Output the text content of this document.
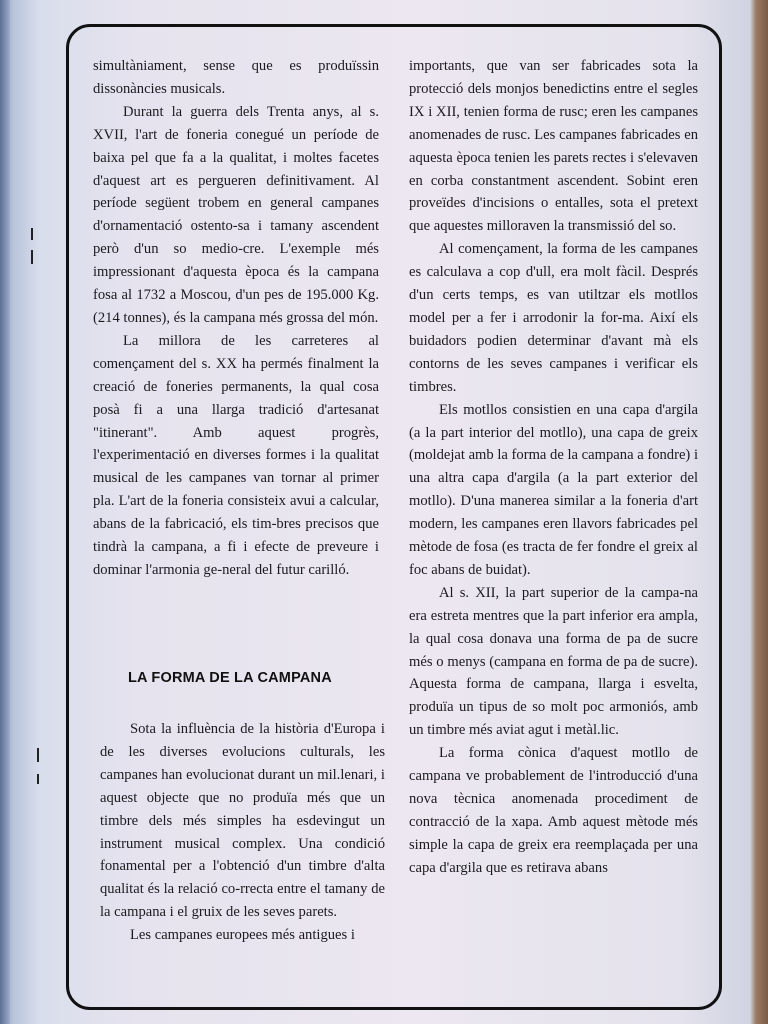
simultàniament, sense que es produïssin dissonàncies musicals.

Durant la guerra dels Trenta anys, al s. XVII, l'art de foneria conegué un període de baixa pel que fa a la qualitat, i moltes facetes d'aquest art es pergueren definitivament. Al període següent trobem en general campanes d'ornamentació ostento-sa i tamany ascendent però d'un so medio-cre. L'exemple més impressionant d'aquesta època és la campana fosa al 1732 a Moscou, d'un pes de 195.000 Kg. (214 tonnes), és la campana més grossa del món.

La millora de les carreteres al començament del s. XX ha permés finalment la creació de foneries permanents, la qual cosa posà fi a una llarga tradició d'artesanat "itinerant". Amb aquest progrès, l'experimentació en diverses formes i la qualitat musical de les campanes van tornar al primer pla. L'art de la foneria consisteix avui a calcular, abans de la fabricació, els tim-bres precisos que tindrà la campana, a fi i efecte de preveure i dominar l'armonia ge-neral del futur carilló.

LA FORMA DE LA CAMPANA

Sota la influència de la història d'Europa i de les diverses evolucions culturals, les campanes han evolucionat durant un mil.lenari, i aquest objecte que no produïa més que un timbre dels més simples ha esdevingut un instrument musical complex. Una condició fonamental per a l'obtenció d'un timbre d'alta qualitat és la relació co-rrecta entre el tamany de la campana i el gruix de les seves parets.

Les campanes europees més antigues i

importants, que van ser fabricades sota la protecció dels monjos benedictins entre el segles IX i XII, tenien forma de rusc; eren les campanes anomenades de rusc. Les campanes fabricades en aquesta època tenien les parets rectes i s'elevaven en corba constantment ascendent. Sobint eren proveïdes d'incisions o entalles, sota el pretext que aquestes milloraven la transmissió del so.

Al començament, la forma de les campanes es calculava a cop d'ull, era molt fàcil. Després d'un certs temps, es van utiltzar els motllos model per a fer i arrodonir la for-ma. Així els buidadors podien determinar d'avant mà els contorns de les seves campanes i verificar els timbres.

Els motllos consistien en una capa d'argila (a la part interior del motllo), una capa de greix (moldejat amb la forma de la campana a fondre) i una altra capa d'argila (a la part exterior del motllo). D'una manerea similar a la foneria d'art modern, les campanes eren llavors fabricades pel mètode de fosa (es tracta de fer fondre el greix al foc abans de buidat).

Al s. XII, la part superior de la campa-na era estreta mentres que la part inferior era ampla, la qual cosa donava una forma de pa de sucre més o menys (campana en forma de pa de sucre). Aquesta forma de campana, llarga i esvelta, produïa un tipus de so molt poc armoniós, amb un timbre més aviat agut i metàl.lic.

La forma cònica d'aquest motllo de campana ve probablement de l'introducció d'una nova tècnica anomenada procediment de contracció de la xapa. Amb aquest mètode més simple la capa de greix era reemplaçada per una capa d'argila que es retirava abans
